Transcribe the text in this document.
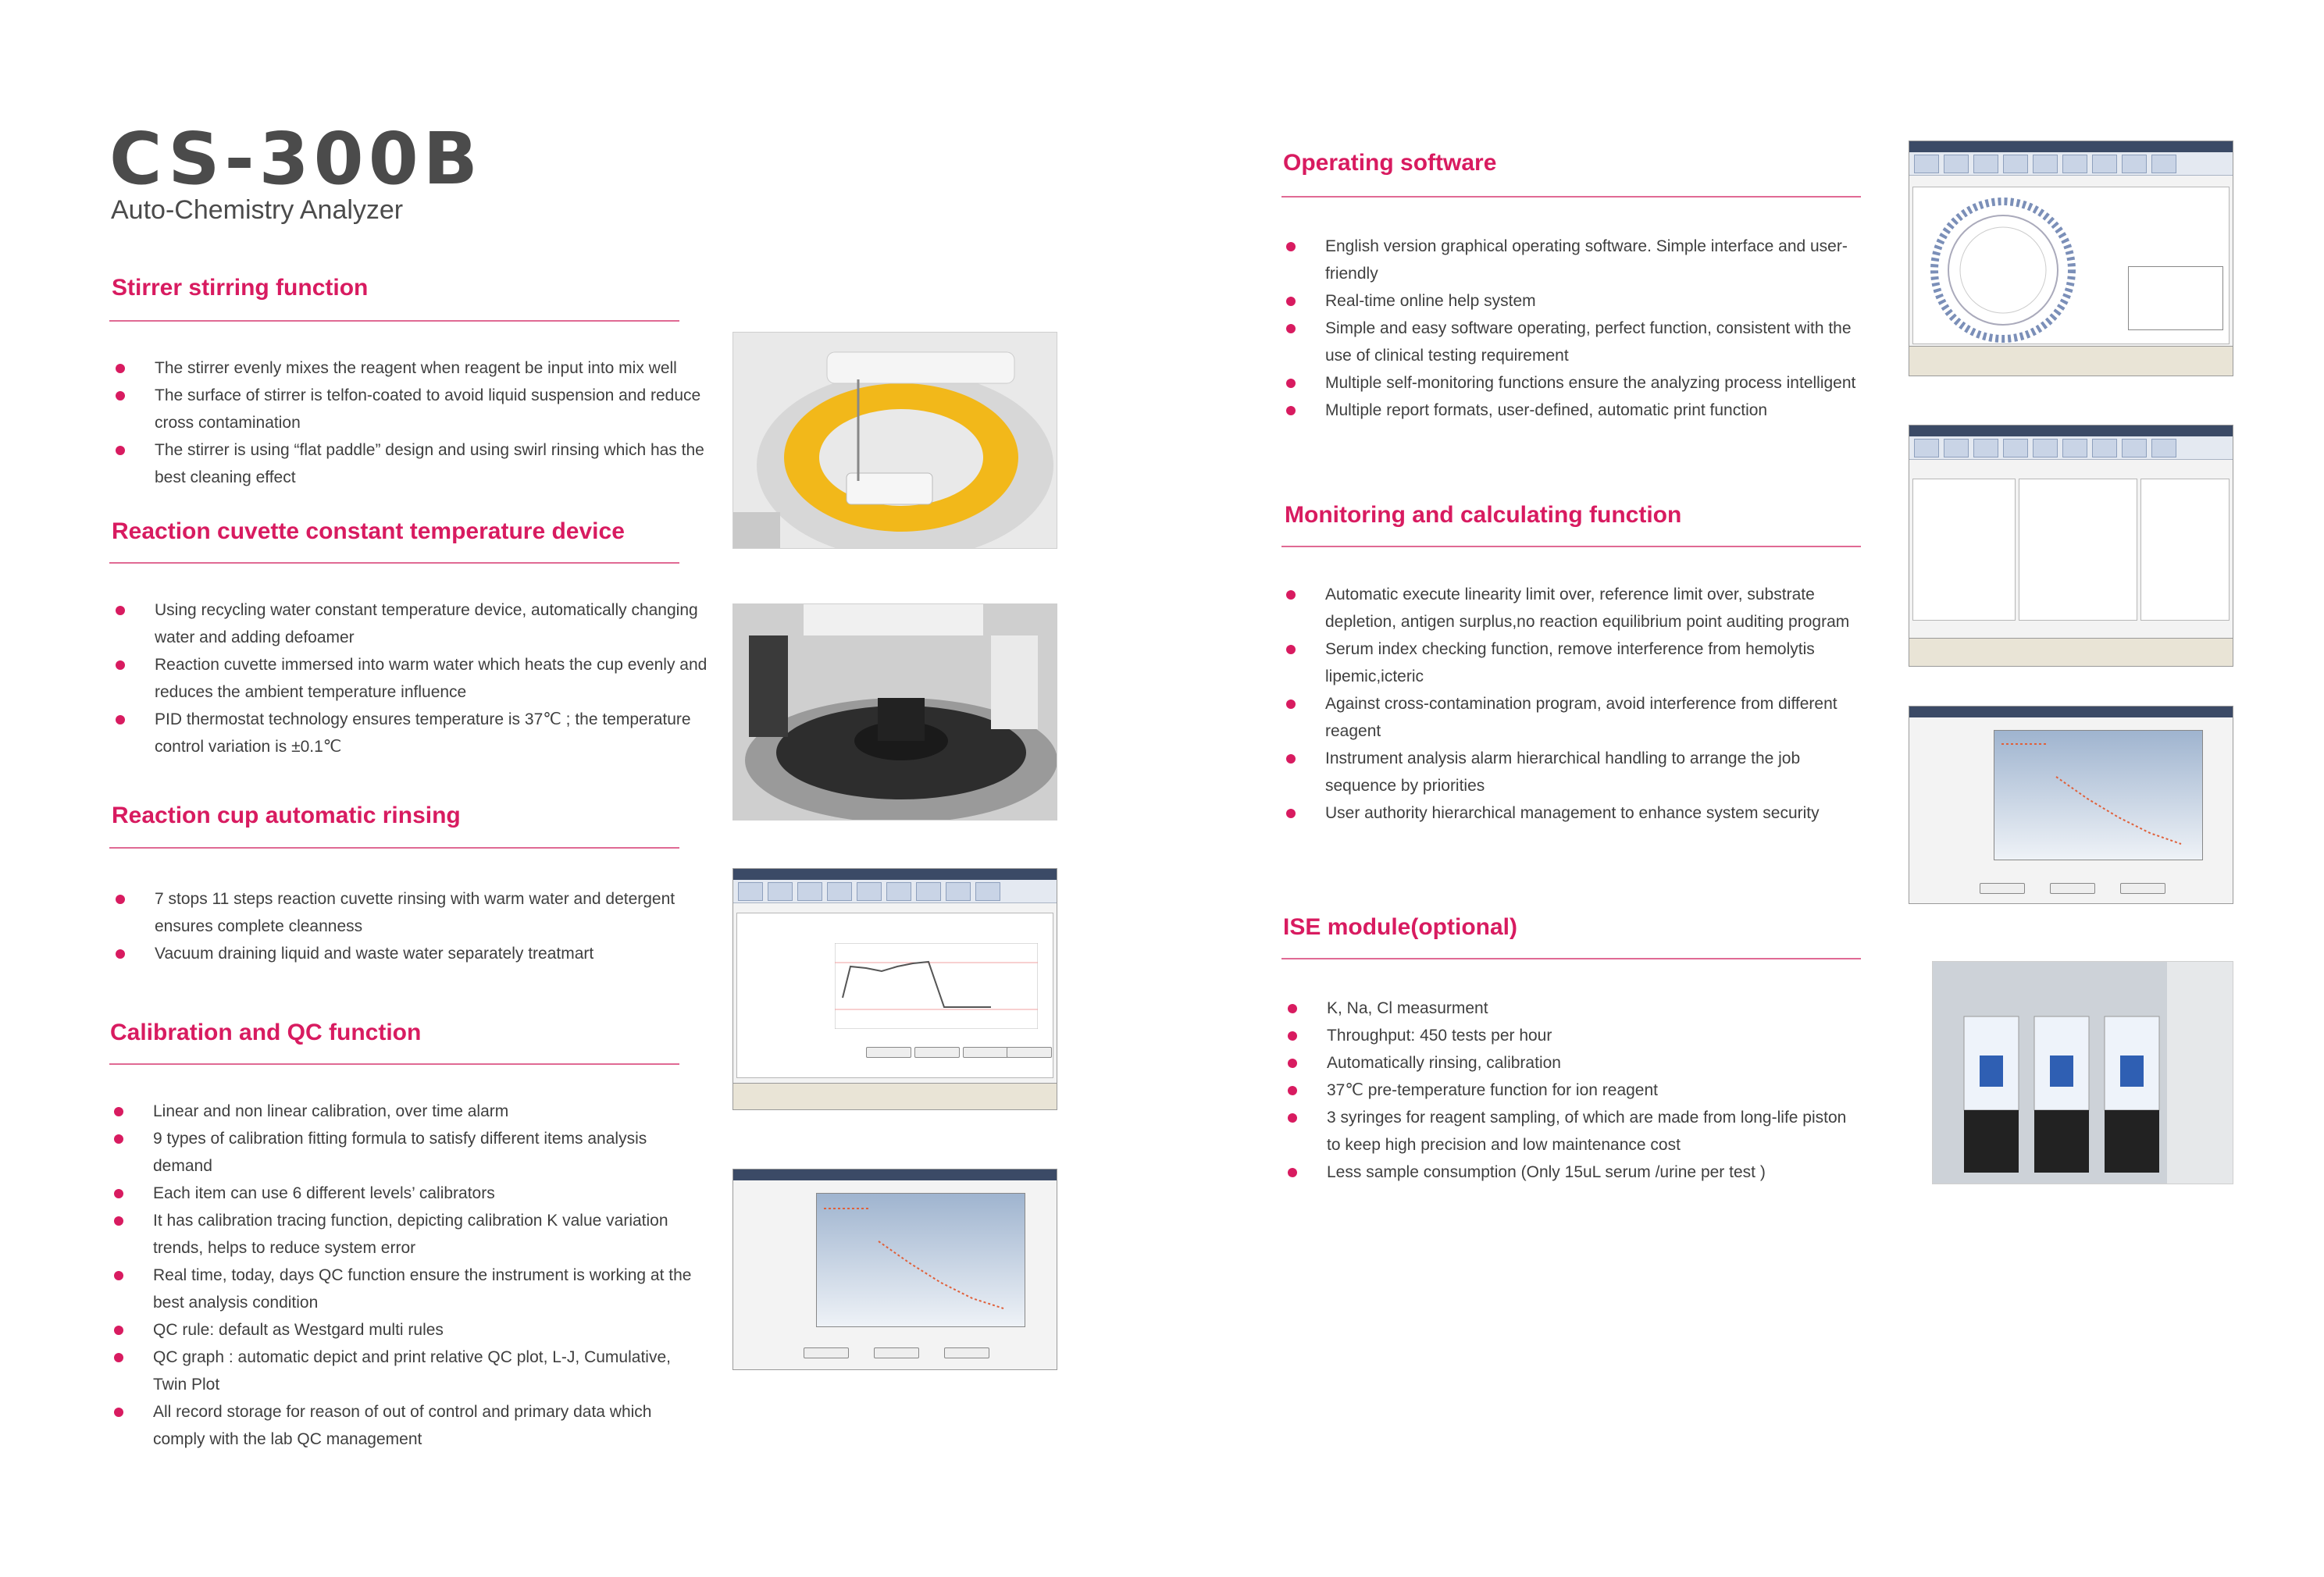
CS-300B
Auto-Chemistry Analyzer
Stirrer stirring function
The stirrer evenly mixes the reagent when reagent be input into mix well
The surface of stirrer is telfon-coated to avoid liquid suspension and reduce cross contamination
The stirrer is using “flat paddle” design and using swirl rinsing which has the best cleaning effect
Reaction cuvette constant temperature device
Using recycling water constant temperature device, automatically changing water and adding defoamer
Reaction cuvette immersed into warm water which heats the cup evenly and reduces the ambient temperature influence
PID thermostat technology ensures temperature is 37℃ ; the temperature control variation is ±0.1℃
Reaction cup automatic rinsing
7 stops 11 steps reaction cuvette rinsing with warm water and detergent ensures complete cleanness
Vacuum draining liquid and waste water separately treatmart
Calibration and QC function
Linear and non linear calibration, over time alarm
9 types of calibration fitting formula to satisfy different items analysis demand
Each item can use 6 different levels’ calibrators
It has calibration tracing function, depicting calibration K value variation trends, helps to reduce system error
Real time, today, days QC function ensure the instrument is working at the best analysis condition
QC rule: default as Westgard multi rules
QC graph : automatic depict and print relative QC plot, L-J, Cumulative, Twin Plot
All record storage for reason of out of control and primary data which comply with the lab QC management
Operating software
English version graphical operating software. Simple interface and user-friendly
Real-time online help system
Simple and easy software operating, perfect function, consistent with the use of clinical testing requirement
Multiple self-monitoring functions ensure the analyzing process intelligent
Multiple report formats, user-defined, automatic print function
Monitoring and calculating function
Automatic execute linearity limit over, reference limit over, substrate depletion, antigen surplus,no reaction equilibrium point auditing program
Serum index checking function, remove interference from hemolytis lipemic,icteric
Against cross-contamination program, avoid interference from different reagent
Instrument analysis alarm hierarchical handling to arrange the job sequence by priorities
User authority hierarchical management to enhance system security
ISE module(optional)
K, Na, Cl measurment
Throughput: 450 tests per hour
Automatically rinsing, calibration
37℃ pre-temperature function for ion reagent
3 syringes for reagent sampling, of which are made from long-life piston to keep high precision and low maintenance cost
Less sample consumption (Only 15uL serum /urine per test )
